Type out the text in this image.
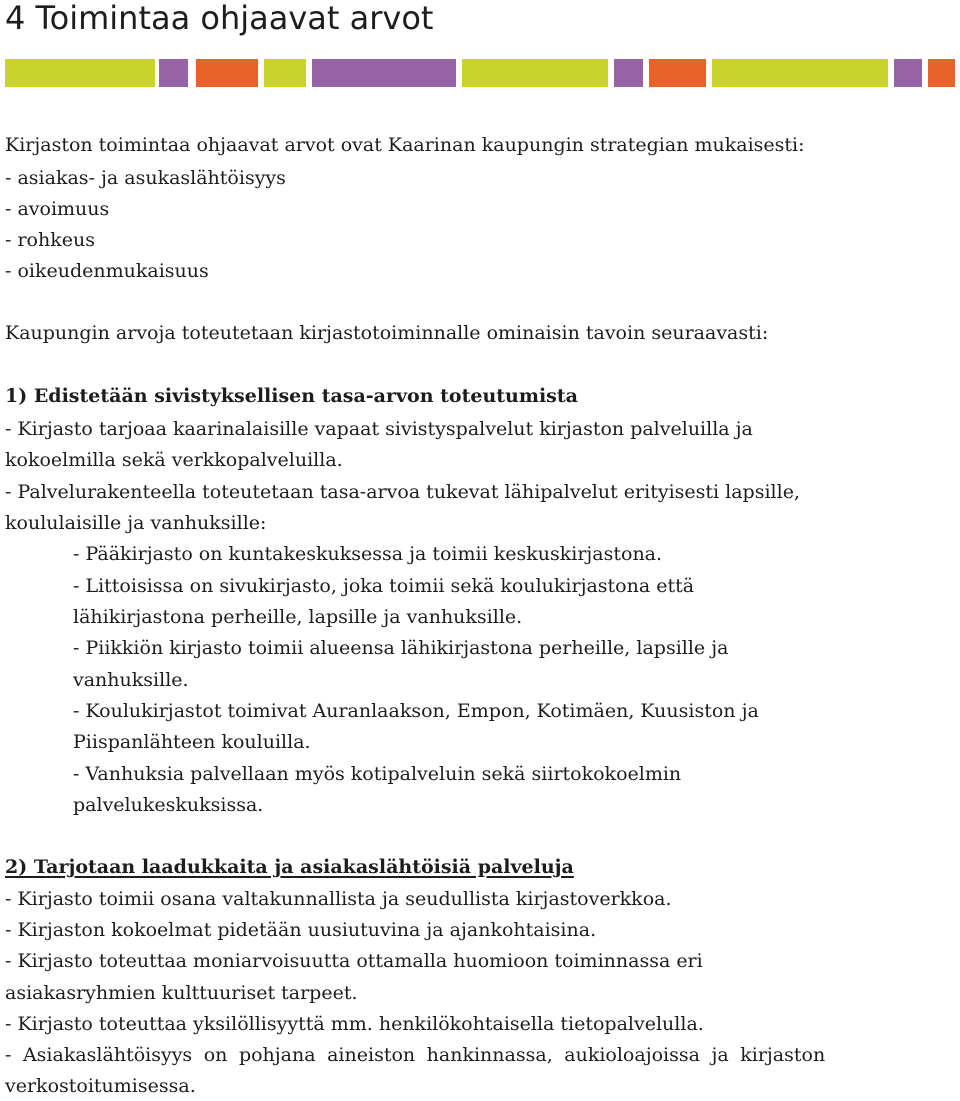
4 Toimintaa ohjaavat arvot
Kirjaston toimintaa ohjaavat arvot ovat Kaarinan kaupungin strategian mukaisesti:
- asiakas- ja asukaslähtöisyys
- avoimuus
- rohkeus
- oikeudenmukaisuus
Kaupungin arvoja toteutetaan kirjastotoiminnalle ominaisin tavoin seuraavasti:
1) Edistetään sivistyksellisen tasa-arvon toteutumista
- Kirjasto tarjoaa kaarinalaisille vapaat sivistyspalvelut kirjaston palveluilla ja
kokoelmilla sekä verkkopalveluilla.
- Palvelurakenteella toteutetaan tasa-arvoa tukevat lähipalvelut erityisesti lapsille,
koululaisille ja vanhuksille:
- Pääkirjasto on kuntakeskuksessa ja toimii keskuskirjastona.
- Littoisissa on sivukirjasto, joka toimii sekä koulukirjastona että
lähikirjastona perheille, lapsille ja vanhuksille.
- Piikkiön kirjasto toimii alueensa lähikirjastona perheille, lapsille ja
vanhuksille.
- Koulukirjastot toimivat Auranlaakson, Empon, Kotimäen, Kuusiston ja
Piispanlähteen kouluilla.
- Vanhuksia palvellaan myös kotipalveluin sekä siirtokokoelmin
palvelukeskuksissa.
2) Tarjotaan laadukkaita ja asiakaslähtöisiä palveluja
- Kirjasto toimii osana valtakunnallista ja seudullista kirjastoverkkoa.
- Kirjaston kokoelmat pidetään uusiutuvina ja ajankohtaisina.
- Kirjasto toteuttaa moniarvoisuutta ottamalla huomioon toiminnassa eri
asiakasryhmien kulttuuriset tarpeet.
- Kirjasto toteuttaa yksilöllisyyttä mm. henkilökohtaisella tietopalvelulla.
- Asiakaslähtöisyys on pohjana aineiston hankinnassa, aukioloajoissa ja kirjaston
verkostoitumisessa.
